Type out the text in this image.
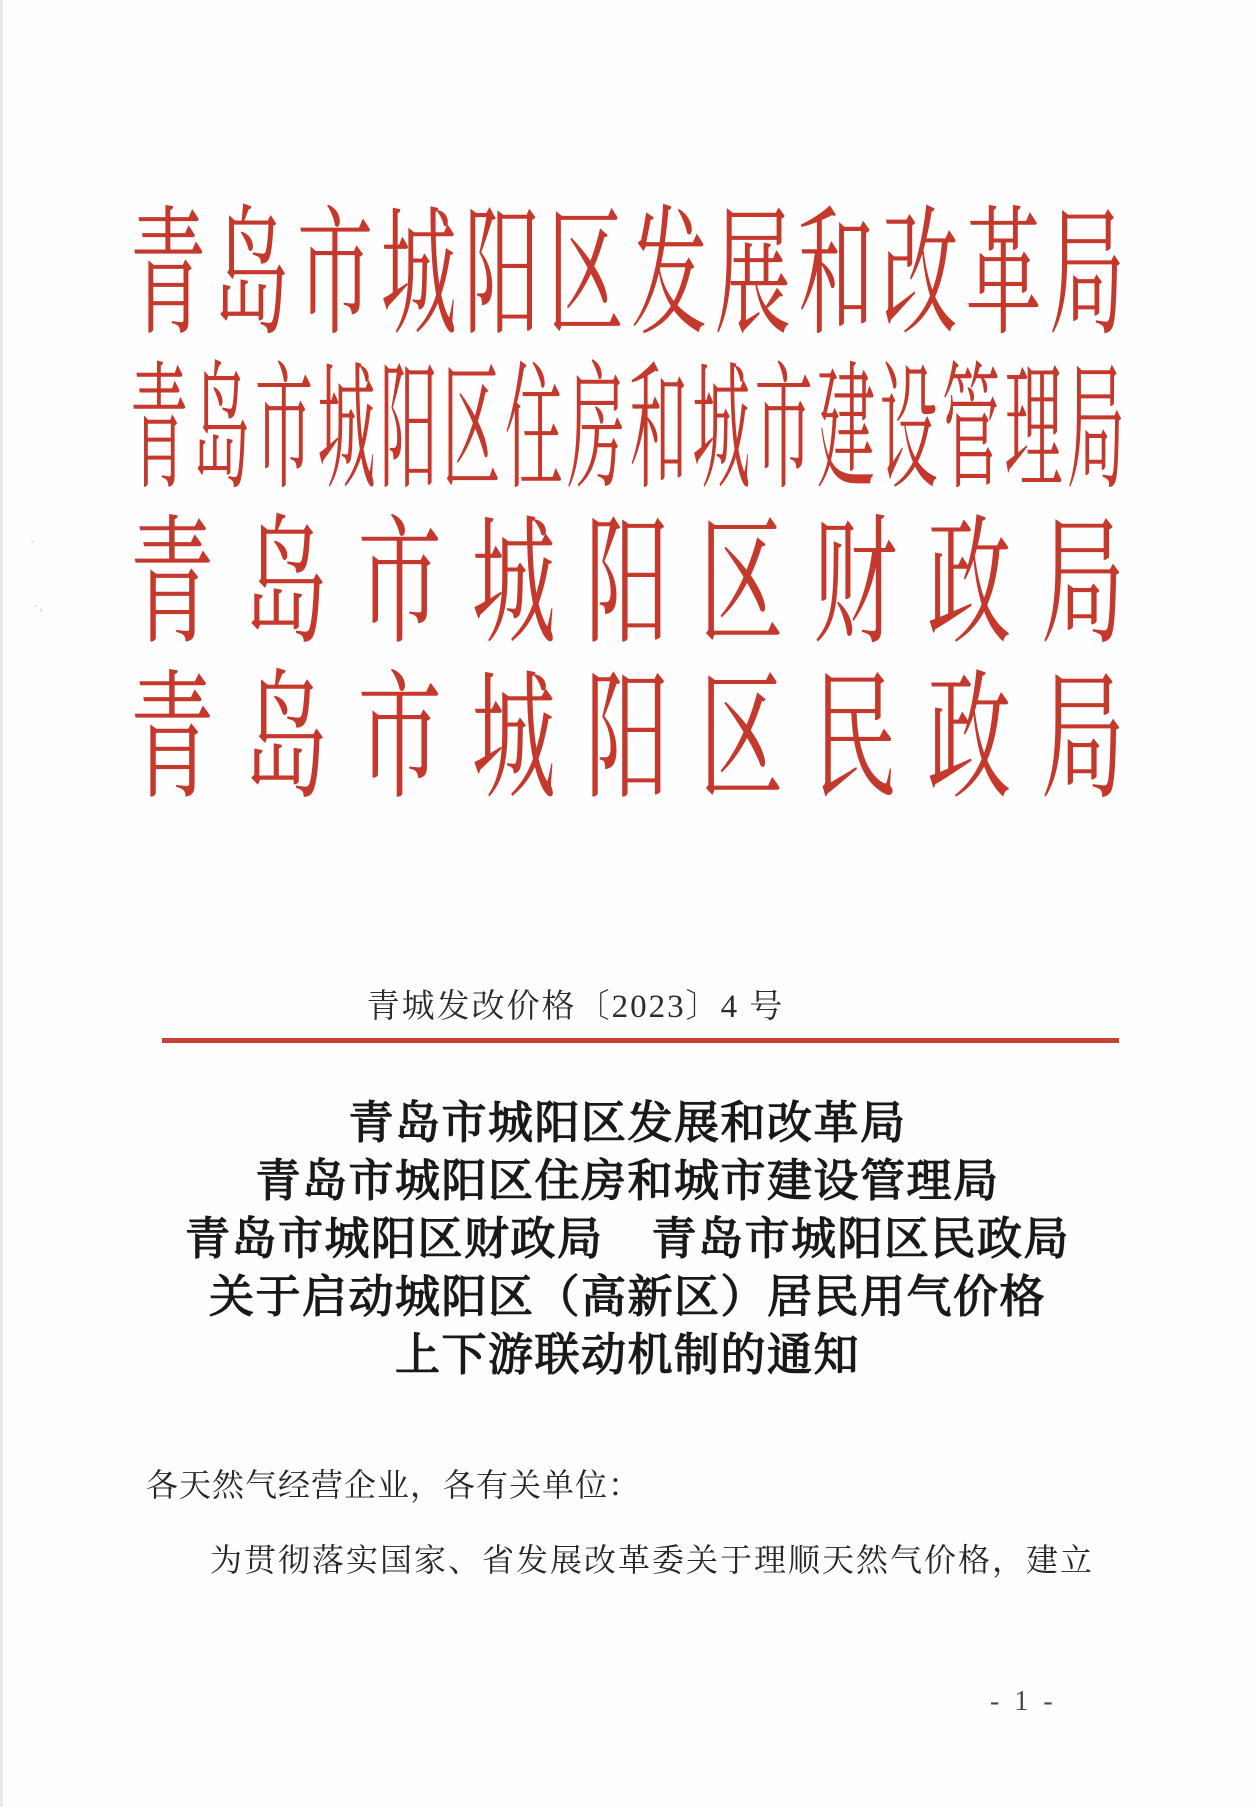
青岛市城阳区发展和改革局
青岛市城阳区住房和城市建设管理局
青岛市城阳区财政局
青岛市城阳区民政局
青城发改价格〔2023〕4 号
青岛市城阳区发展和改革局
青岛市城阳区住房和城市建设管理局
青岛市城阳区财政局 青岛市城阳区民政局
关于启动城阳区（高新区）居民用气价格
上下游联动机制的通知
各天然气经营企业，各有关单位：
为贯彻落实国家、省发展改革委关于理顺天然气价格，建立
- 1 -
·
·,
